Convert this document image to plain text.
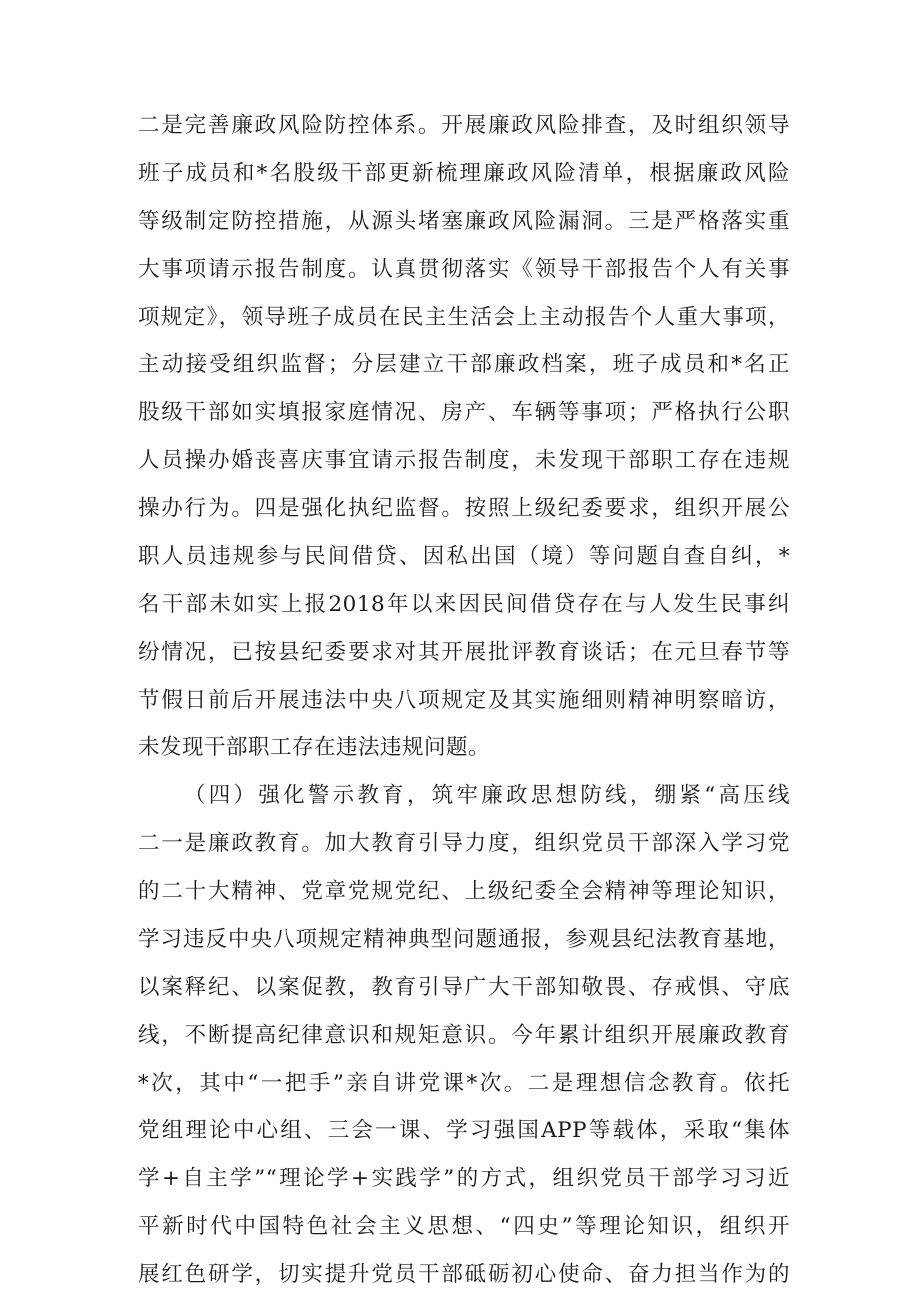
二是完善廉政风险防控体系。开展廉政风险排查，及时组织领导
班子成员和*名股级干部更新梳理廉政风险清单，根据廉政风险
等级制定防控措施，从源头堵塞廉政风险漏洞。三是严格落实重
大事项请示报告制度。认真贯彻落实《领导干部报告个人有关事
项规定》，领导班子成员在民主生活会上主动报告个人重大事项，
主动接受组织监督；分层建立干部廉政档案，班子成员和*名正
股级干部如实填报家庭情况、房产、车辆等事项；严格执行公职
人员操办婚丧喜庆事宜请示报告制度，未发现干部职工存在违规
操办行为。四是强化执纪监督。按照上级纪委要求，组织开展公
职人员违规参与民间借贷、因私出国（境）等问题自查自纠，*
名干部未如实上报2018年以来因民间借贷存在与人发生民事纠
纷情况，已按县纪委要求对其开展批评教育谈话；在元旦春节等
节假日前后开展违法中央八项规定及其实施细则精神明察暗访，
未发现干部职工存在违法违规问题。
（四）强化警示教育，筑牢廉政思想防线，绷紧“高压线
二一是廉政教育。加大教育引导力度，组织党员干部深入学习党
的二十大精神、党章党规党纪、上级纪委全会精神等理论知识，
学习违反中央八项规定精神典型问题通报，参观县纪法教育基地，
以案释纪、以案促教，教育引导广大干部知敬畏、存戒惧、守底
线，不断提高纪律意识和规矩意识。今年累计组织开展廉政教育
*次，其中“一把手”亲自讲党课*次。二是理想信念教育。依托
党组理论中心组、三会一课、学习强国APP等载体，采取“集体
学+自主学”“理论学+实践学”的方式，组织党员干部学习习近
平新时代中国特色社会主义思想、“四史”等理论知识，组织开
展红色研学，切实提升党员干部砥砺初心使命、奋力担当作为的
